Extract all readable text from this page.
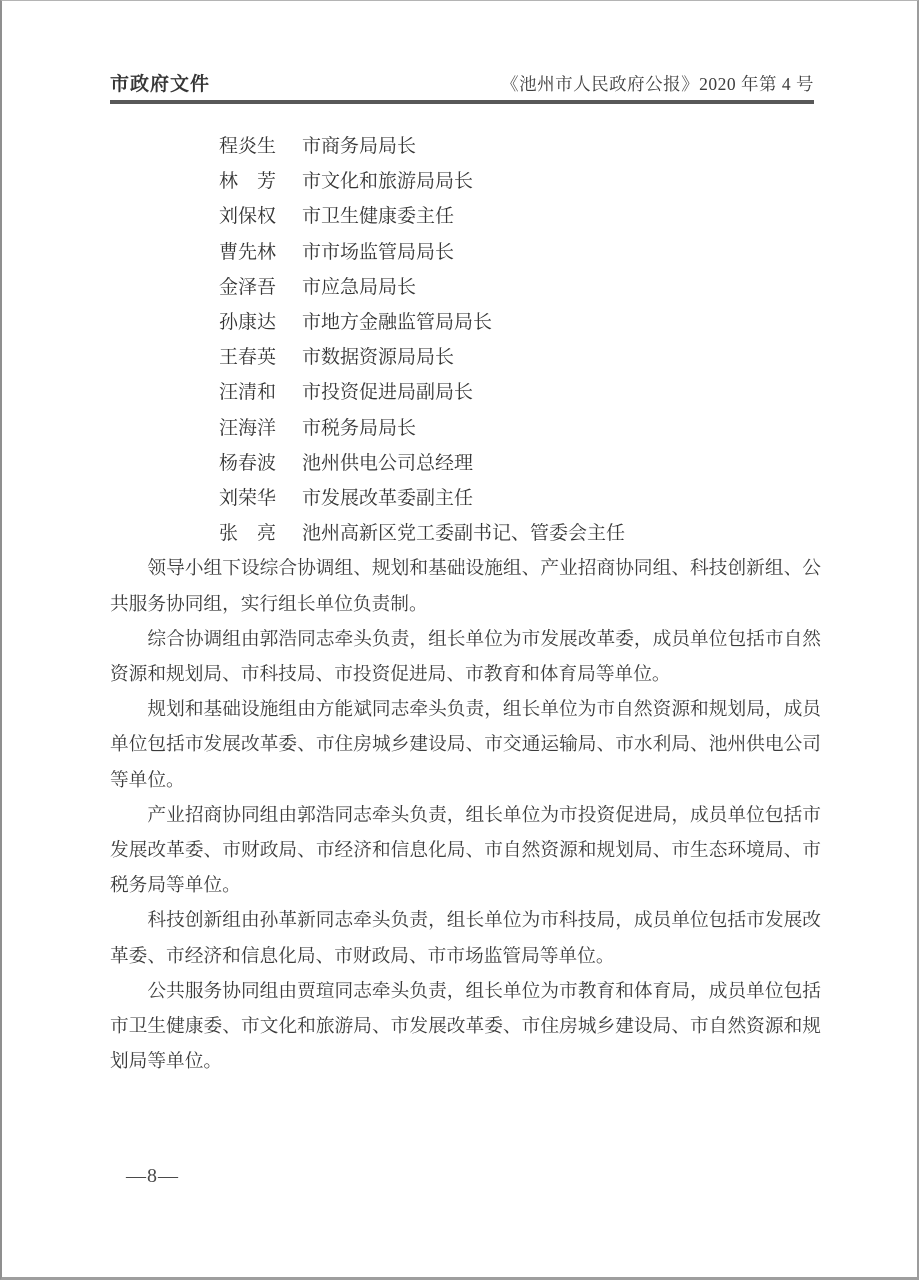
市政府文件	《池州市人民政府公报》2020 年第 4 号
程炎生 市商务局局长
林　芳 市文化和旅游局局长
刘保权 市卫生健康委主任
曹先林 市市场监管局局长
金泽吾 市应急局局长
孙康达 市地方金融监管局局长
王春英 市数据资源局局长
汪清和 市投资促进局副局长
汪海洋 市税务局局长
杨春波 池州供电公司总经理
刘荣华 市发展改革委副主任
张　亮 池州高新区党工委副书记、管委会主任

领导小组下设综合协调组、规划和基础设施组、产业招商协同组、科技创新组、公共服务协同组，实行组长单位负责制。

综合协调组由郭浩同志牵头负责，组长单位为市发展改革委，成员单位包括市自然资源和规划局、市科技局、市投资促进局、市教育和体育局等单位。

规划和基础设施组由方能斌同志牵头负责，组长单位为市自然资源和规划局，成员单位包括市发展改革委、市住房城乡建设局、市交通运输局、市水利局、池州供电公司等单位。

产业招商协同组由郭浩同志牵头负责，组长单位为市投资促进局，成员单位包括市发展改革委、市财政局、市经济和信息化局、市自然资源和规划局、市生态环境局、市税务局等单位。

科技创新组由孙革新同志牵头负责，组长单位为市科技局，成员单位包括市发展改革委、市经济和信息化局、市财政局、市市场监管局等单位。

公共服务协同组由贾瑄同志牵头负责，组长单位为市教育和体育局，成员单位包括市卫生健康委、市文化和旅游局、市发展改革委、市住房城乡建设局、市自然资源和规划局等单位。

—8—
